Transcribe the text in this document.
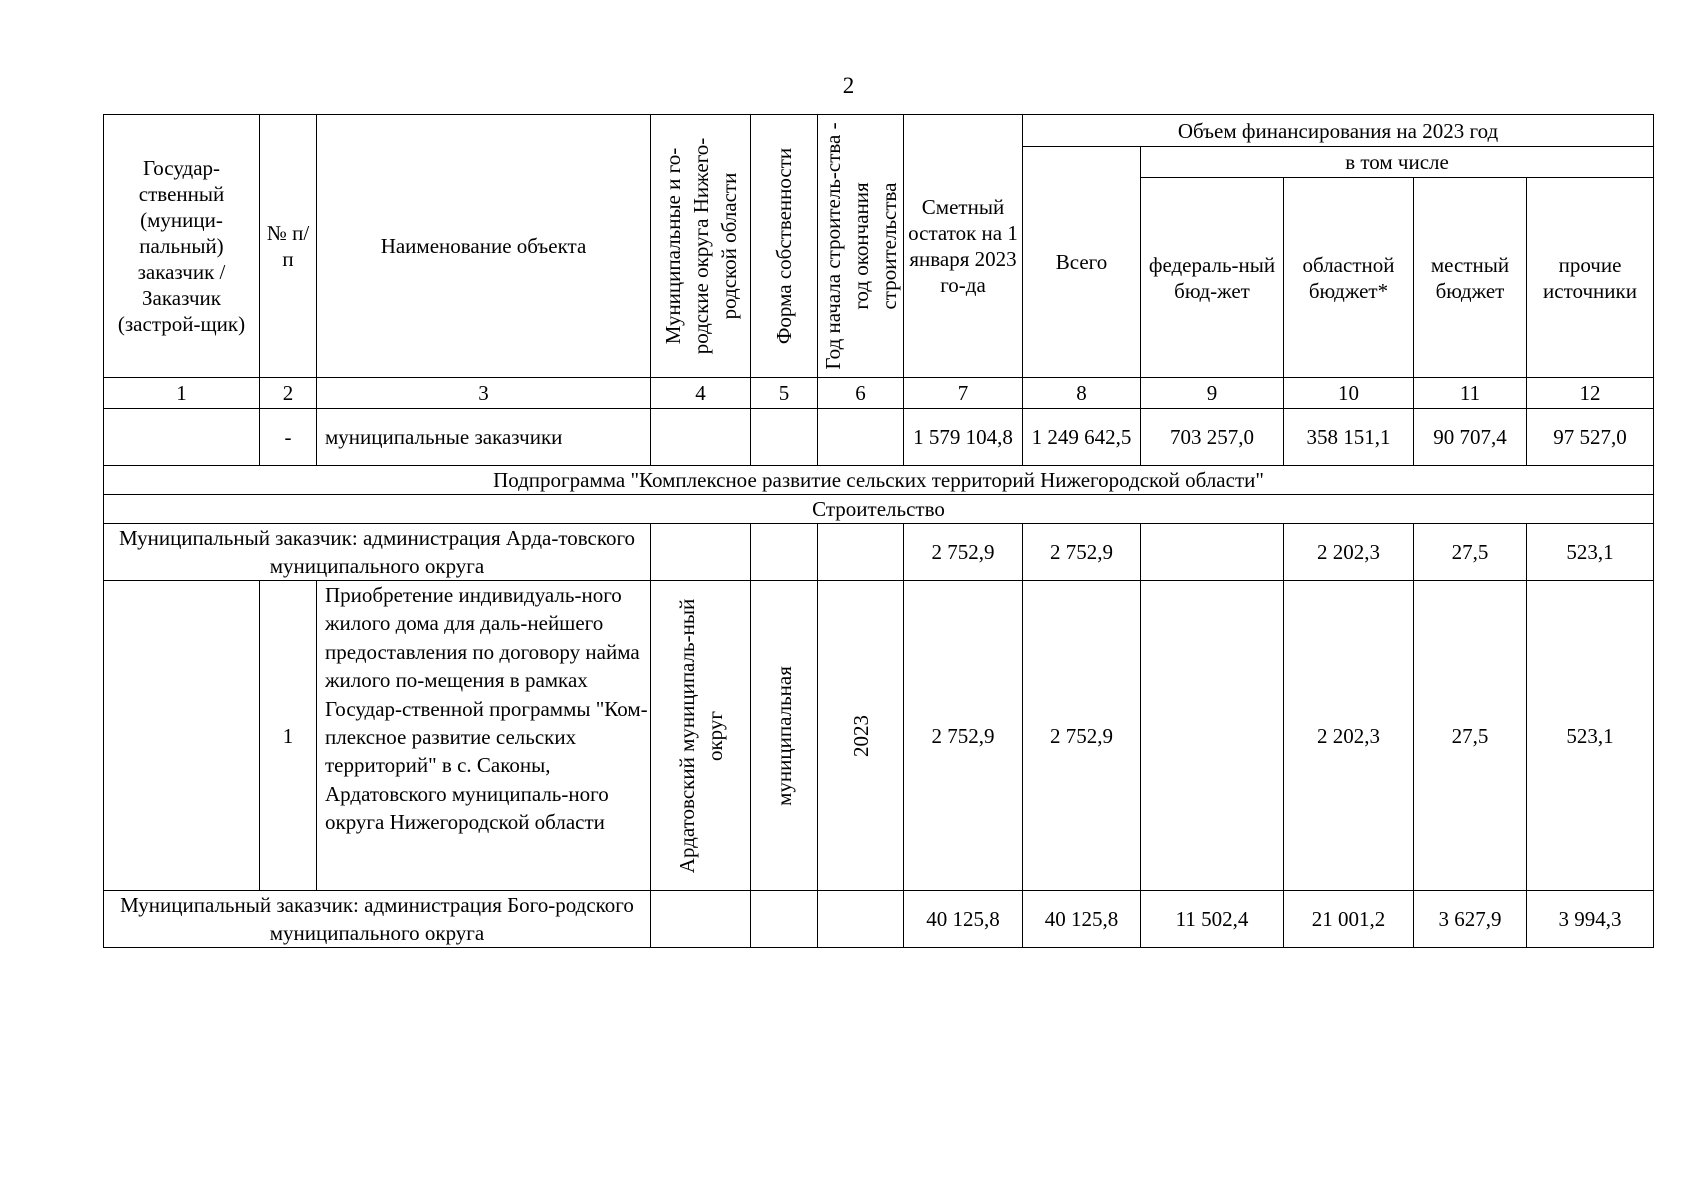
2
Государ-ственный (муници-пальный) заказчик / Заказчик (застрой-щик)	№ п/п	Наименование объекта	Муниципальные и го-родские округа Нижего-родской области	Форма собственности	Год начала строитель-ства - год окончания строительства	Сметный остаток на 1 января 2023 го-да	Объем финансирования на 2023 год				
							Всего	в том числе			
								федераль-ный бюд-жет	областной бюджет*	местный бюджет	прочие источники
1	2	3	4	5	6	7	8	9	10	11	12
	-	муниципальные заказчики				1 579 104,8	1 249 642,5	703 257,0	358 151,1	90 707,4	97 527,0
Подпрограмма "Комплексное развитие сельских территорий Нижегородской области"											
Строительство											
Муниципальный заказчик: администрация Арда-товского муниципального округа						2 752,9	2 752,9		2 202,3	27,5	523,1
	1	Приобретение индивидуаль-ного жилого дома для даль-нейшего предоставления по договору найма жилого по-мещения в рамках Государ-ственной программы "Ком-плексное развитие сельских территорий" в с. Саконы, Ардатовского муниципаль-ного округа Нижегородской области	Ардатовский муниципаль-ный округ	муниципальная	2023	2 752,9	2 752,9		2 202,3	27,5	523,1
Муниципальный заказчик: администрация Бого-родского муниципального округа						40 125,8	40 125,8	11 502,4	21 001,2	3 627,9	3 994,3
